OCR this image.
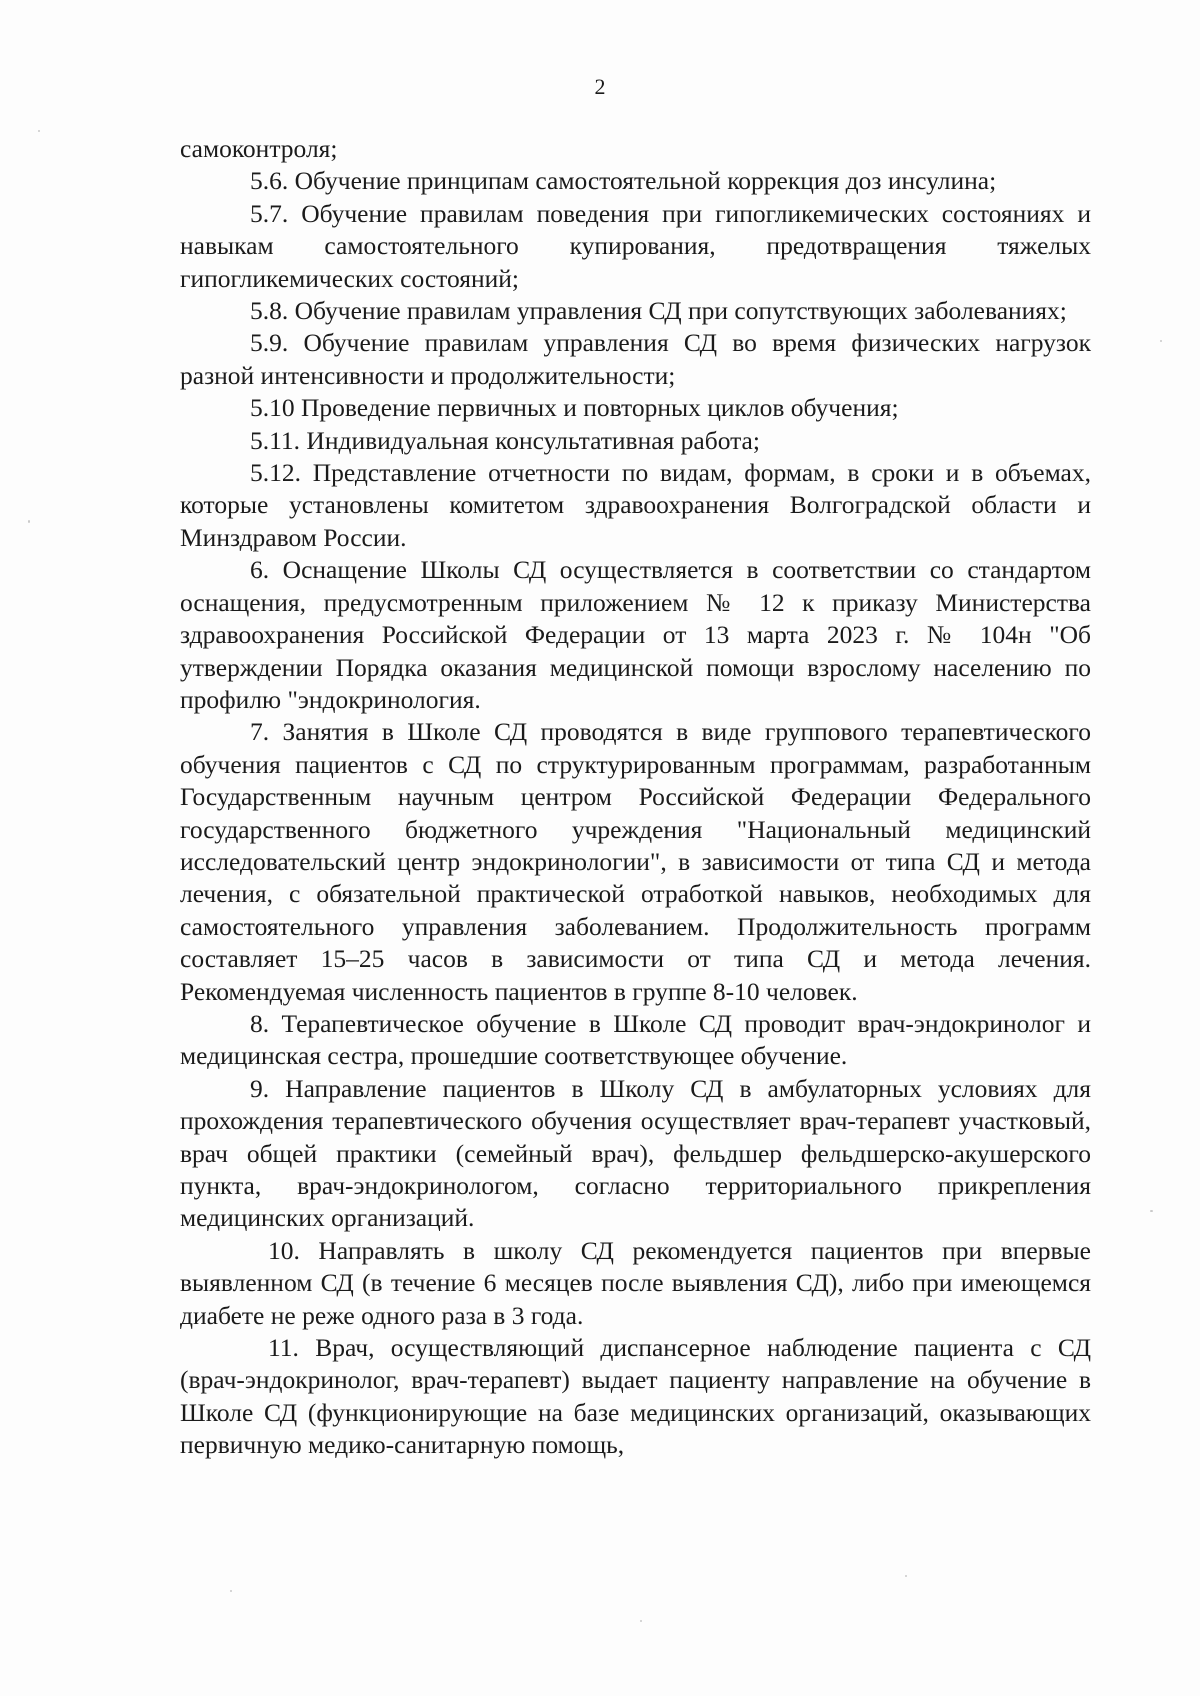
2

самоконтроля;

5.6. Обучение принципам самостоятельной коррекция доз инсулина;

5.7. Обучение правилам поведения при гипогликемических состояниях и навыкам самостоятельного купирования, предотвращения тяжелых гипогликемических состояний;

5.8. Обучение правилам управления СД при сопутствующих заболеваниях;

5.9. Обучение правилам управления СД во время физических нагрузок разной интенсивности и продолжительности;

5.10 Проведение первичных и повторных циклов обучения;

5.11. Индивидуальная консультативная работа;

5.12. Представление отчетности по видам, формам, в сроки и в объемах, которые установлены комитетом здравоохранения Волгоградской области и Минздравом России.

6. Оснащение Школы СД осуществляется в соответствии со стандартом оснащения, предусмотренным приложением № 12 к приказу Министерства здравоохранения Российской Федерации от 13 марта 2023 г. № 104н "Об утверждении Порядка оказания медицинской помощи взрослому населению по профилю "эндокринология.

7. Занятия в Школе СД проводятся в виде группового терапевтического обучения пациентов с СД по структурированным программам, разработанным Государственным научным центром Российской Федерации Федерального государственного бюджетного учреждения "Национальный медицинский исследовательский центр эндокринологии", в зависимости от типа СД и метода лечения, с обязательной практической отработкой навыков, необходимых для самостоятельного управления заболеванием. Продолжительность программ составляет 15–25 часов в зависимости от типа СД и метода лечения. Рекомендуемая численность пациентов в группе 8-10 человек.

8. Терапевтическое обучение в Школе СД проводит врач-эндокринолог и медицинская сестра, прошедшие соответствующее обучение.

9. Направление пациентов в Школу СД в амбулаторных условиях для прохождения терапевтического обучения осуществляет врач-терапевт участковый, врач общей практики (семейный врач), фельдшер фельдшерско-акушерского пункта, врач-эндокринологом, согласно территориального прикрепления медицинских организаций.

10. Направлять в школу СД рекомендуется пациентов при впервые выявленном СД (в течение 6 месяцев после выявления СД), либо при имеющемся диабете не реже одного раза в 3 года.

11. Врач, осуществляющий диспансерное наблюдение пациента с СД (врач-эндокринолог, врач-терапевт) выдает пациенту направление на обучение в Школе СД (функционирующие на базе медицинских организаций, оказывающих первичную медико-санитарную помощь,
